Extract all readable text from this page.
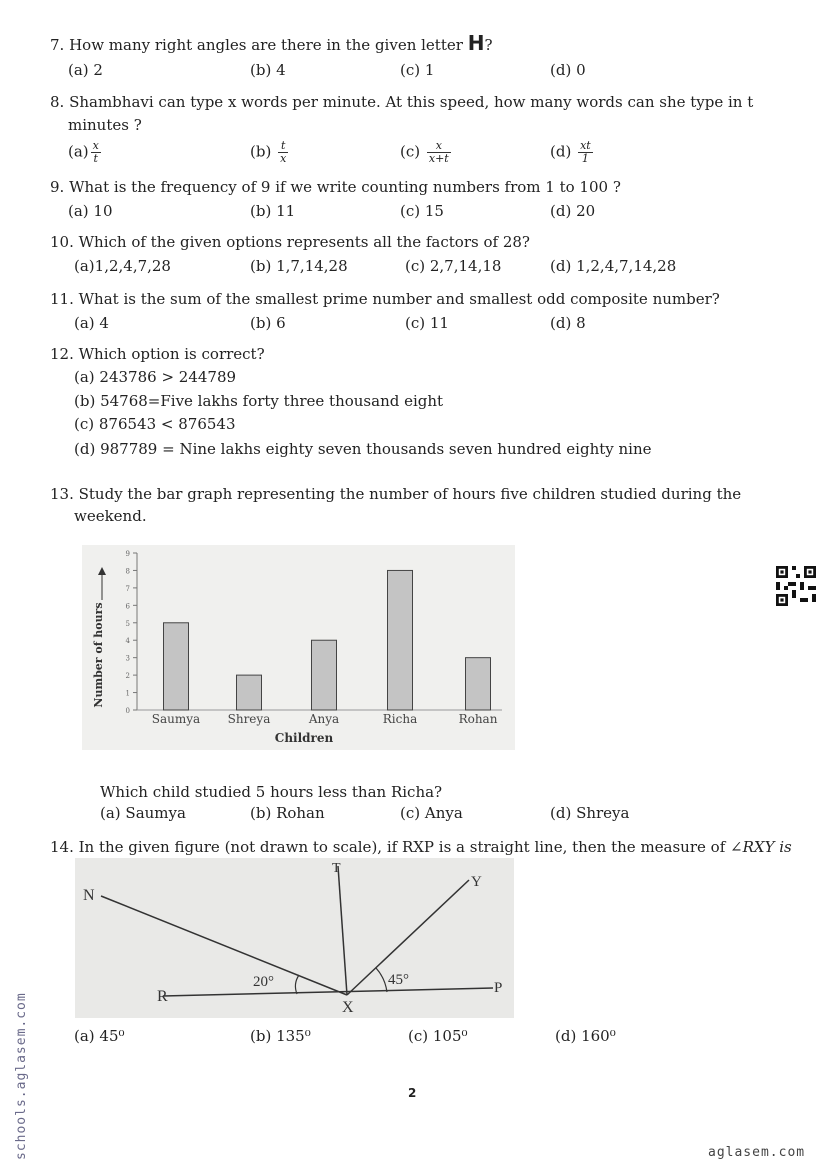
7. How many right angles are there in the given letter H?
(a) 2	(b) 4	(c) 1	(d) 0
8. Shambhavi can type x words per minute. At this speed, how many words can she type in t
minutes ?
$(a) \frac{x}{t}$	$(b) \frac{t}{x}$	$(c) \frac{x}{x+t}$	$(d) \frac{xt}{1}$
9. What is the frequency of 9 if we write counting numbers from 1 to 100 ?
(a) 10	(b) 11	(c) 15	(d) 20
10. Which of the given options represents all the factors of 28?
(a)1,2,4,7,28	(b) 1,7,14,28	(c) 2,7,14,18	(d) 1,2,4,7,14,28
11. What is the sum of the smallest prime number and smallest odd composite number?
(a) 4	(b) 6	(c) 11	(d) 8
12. Which option is correct?
(a) 243786 > 244789
(b) 54768=Five lakhs forty three thousand eight
(c) 876543 < 876543
(d) 987789 = Nine lakhs eighty seven thousands seven hundred eighty nine
13. Study the bar graph representing the number of hours five children studied during the
weekend.
0
1
2
3
4
5
6
7
8
9
Saumya Shreya	Anya	Richa	Rohan
Children
Number of hours
Which child studied 5 hours less than Richa?
(a) Saumya	(b) Rohan	(c) Anya	(d) Shreya
14. In the given figure (not drawn to scale), if RXP is a straight line, then the measure of ∠RXY is
N
T
Y
R
X
P
20°	45°
(a) 45⁰	(b) 135⁰	(c) 105⁰	(d) 160⁰
2
schools.aglasem.com	aglasem.com
